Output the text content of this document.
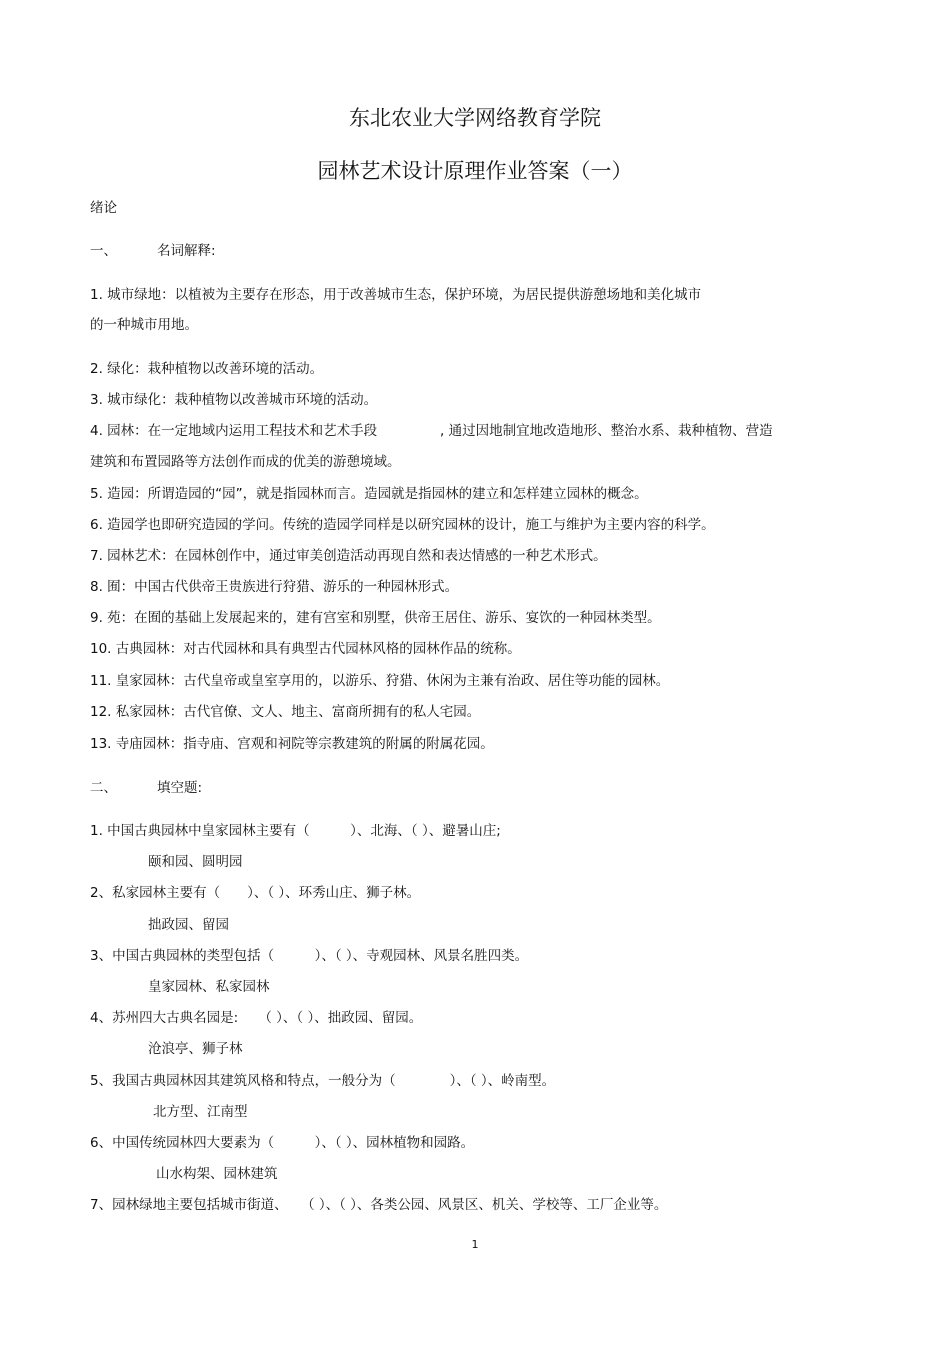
东北农业大学网络教育学院
园林艺术设计原理作业答案（一）
绪论
一、	名词解释:
1. 城市绿地：以植被为主要存在形态，用于改善城市生态，保护环境，为居民提供游憩场地和美化城市
的一种城市用地。
2. 绿化：栽种植物以改善环境的活动。
3. 城市绿化：栽种植物以改善城市环境的活动。
4. 园林：在一定地域内运用工程技术和艺术手段	, 通过因地制宜地改造地形、整治水系、栽种植物、营造
建筑和布置园路等方法创作而成的优美的游憩境域。
5. 造园：所谓造园的“园”，就是指园林而言。造园就是指园林的建立和怎样建立园林的概念。
6. 造园学也即研究造园的学问。传统的造园学同样是以研究园林的设计，施工与维护为主要内容的科学。
7. 园林艺术：在园林创作中，通过审美创造活动再现自然和表达情感的一种艺术形式。
8. 囿：中国古代供帝王贵族进行狩猎、游乐的一种园林形式。
9. 苑：在囿的基础上发展起来的，建有宫室和别墅，供帝王居住、游乐、宴饮的一种园林类型。
10. 古典园林：对古代园林和具有典型古代园林风格的园林作品的统称。
11. 皇家园林：古代皇帝或皇室享用的，以游乐、狩猎、休闲为主兼有治政、居住等功能的园林。
12. 私家园林：古代官僚、文人、地主、富商所拥有的私人宅园。
13. 寺庙园林：指寺庙、宫观和祠院等宗教建筑的附属的附属花园。
二、	填空题:
1. 中国古典园林中皇家园林主要有（　　　）、北海、（ ）、避暑山庄;
颐和园、圆明园
2、私家园林主要有（　　）、（ ）、环秀山庄、狮子林。
拙政园、留园
3、中国古典园林的类型包括（　　　）、（ ）、寺观园林、风景名胜四类。
皇家园林、私家园林
4、苏州四大古典名园是:　　（ ）、（ ）、拙政园、留园。
沧浪亭、狮子林
5、我国古典园林因其建筑风格和特点，一般分为（　　　　）、（ ）、岭南型。
北方型、江南型
6、中国传统园林四大要素为（　　　）、（ ）、园林植物和园路。
山水构架、园林建筑
7、园林绿地主要包括城市街道、　　（ ）、（ ）、各类公园、风景区、机关、学校等、工厂企业等。
1
